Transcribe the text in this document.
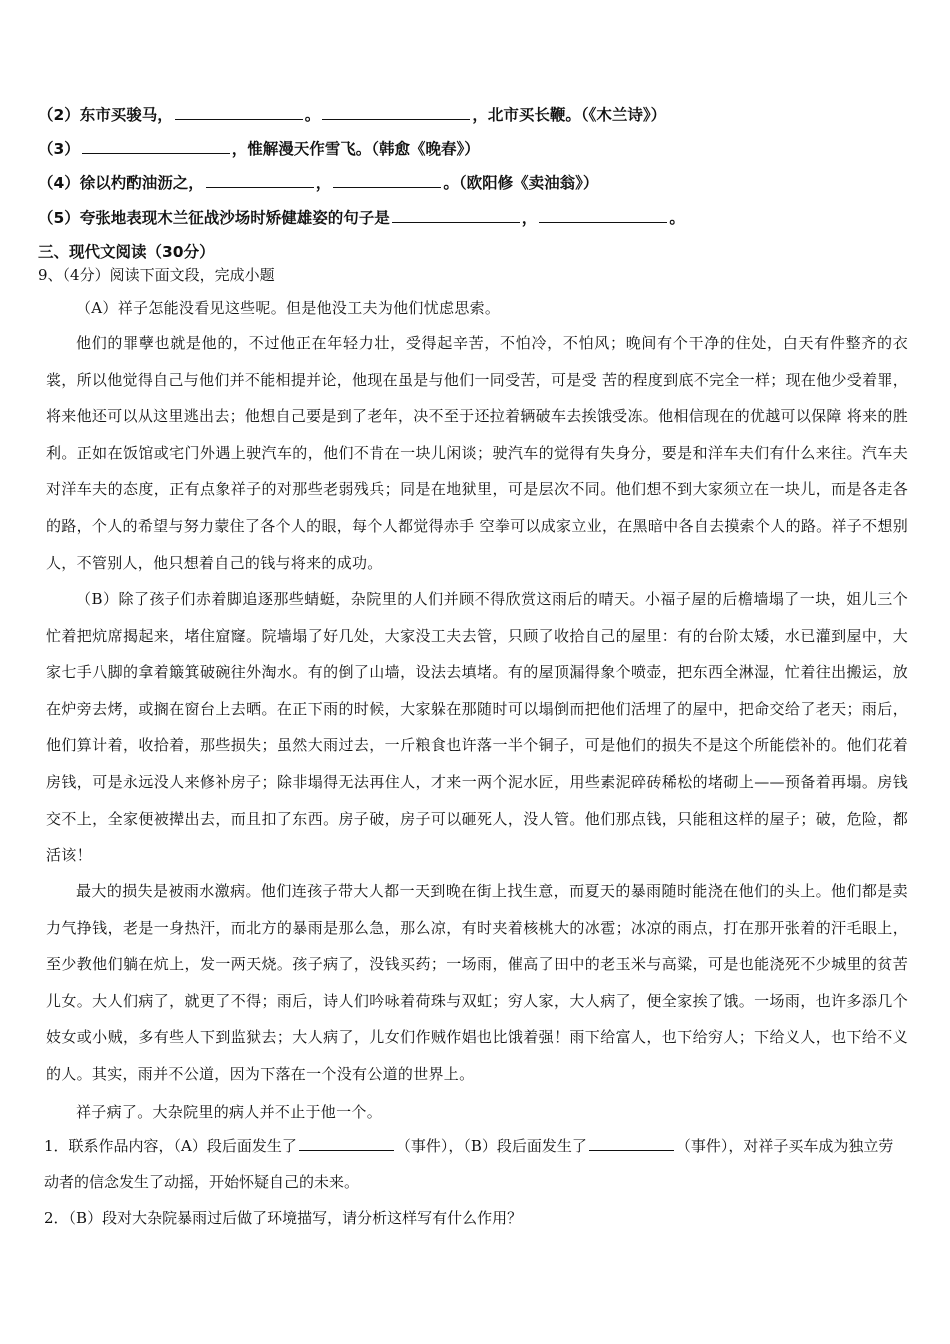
（2）东市买骏马，	。	，北市买长鞭。（《木兰诗》）
（3）	，惟解漫天作雪飞。（韩愈《晚春》）
（4）徐以杓酌油沥之，	，	。（欧阳修《卖油翁》）
（5）夸张地表现木兰征战沙场时矫健雄姿的句子是	，	。
三、现代文阅读（30分）
9、（4分）阅读下面文段，完成小题
（A）祥子怎能没看见这些呢。但是他没工夫为他们忧虑思索。
他们的罪孽也就是他的，不过他正在年轻力壮，受得起辛苦，不怕冷，不怕风；晚间有个干净的住处，白天有件整齐的衣裳，所以他觉得自己与他们并不能相提并论，他现在虽是与他们一同受苦，可是受 苦的程度到底不完全一样；现在他少受着罪，将来他还可以从这里逃出去；他想自己要是到了老年，决不至于还拉着辆破车去挨饿受冻。他相信现在的优越可以保障 将来的胜利。正如在饭馆或宅门外遇上驶汽车的，他们不肯在一块儿闲谈；驶汽车的觉得有失身分，要是和洋车夫们有什么来往。汽车夫对洋车夫的态度，正有点象祥子的对那些老弱残兵；同是在地狱里，可是层次不同。他们想不到大家须立在一块儿，而是各走各的路，个人的希望与努力蒙住了各个人的眼，每个人都觉得赤手 空拳可以成家立业，在黑暗中各自去摸索个人的路。祥子不想别人，不管别人，他只想着自己的钱与将来的成功。
（B）除了孩子们赤着脚追逐那些蜻蜓，杂院里的人们并顾不得欣赏这雨后的晴天。小福子屋的后檐墙塌了一块，姐儿三个忙着把炕席揭起来，堵住窟窿。院墙塌了好几处，大家没工夫去管，只顾了收拾自己的屋里：有的台阶太矮，水已灌到屋中，大家七手八脚的拿着簸箕破碗往外淘水。有的倒了山墙，设法去填堵。有的屋顶漏得象个喷壶，把东西全淋湿，忙着往出搬运，放在炉旁去烤，或搁在窗台上去晒。在正下雨的时候，大家躲在那随时可以塌倒而把他们活埋了的屋中，把命交给了老天；雨后，他们算计着，收拾着，那些损失；虽然大雨过去，一斤粮食也许落一半个铜子，可是他们的损失不是这个所能偿补的。他们花着房钱，可是永远没人来修补房子；除非塌得无法再住人，才来一两个泥水匠，用些素泥碎砖稀松的堵砌上——预备着再塌。房钱交不上，全家便被撵出去，而且扣了东西。房子破，房子可以砸死人，没人管。他们那点钱，只能租这样的屋子；破，危险，都活该！
最大的损失是被雨水激病。他们连孩子带大人都一天到晚在街上找生意，而夏天的暴雨随时能浇在他们的头上。他们都是卖力气挣钱，老是一身热汗，而北方的暴雨是那么急，那么凉，有时夹着核桃大的冰雹；冰凉的雨点，打在那开张着的汗毛眼上，至少教他们躺在炕上，发一两天烧。孩子病了，没钱买药；一场雨，催高了田中的老玉米与高粱，可是也能浇死不少城里的贫苦儿女。大人们病了，就更了不得；雨后，诗人们吟咏着荷珠与双虹；穷人家，大人病了，便全家挨了饿。一场雨，也许多添几个妓女或小贼，多有些人下到监狱去；大人病了，儿女们作贼作娼也比饿着强！雨下给富人，也下给穷人；下给义人，也下给不义的人。其实，雨并不公道，因为下落在一个没有公道的世界上。
祥子病了。大杂院里的病人并不止于他一个。
1．联系作品内容，（A）段后面发生了	（事件），（B）段后面发生了	（事件），对祥子买车成为独立劳动者的信念发生了动摇，开始怀疑自己的未来。
2．（B）段对大杂院暴雨过后做了环境描写，请分析这样写有什么作用？
